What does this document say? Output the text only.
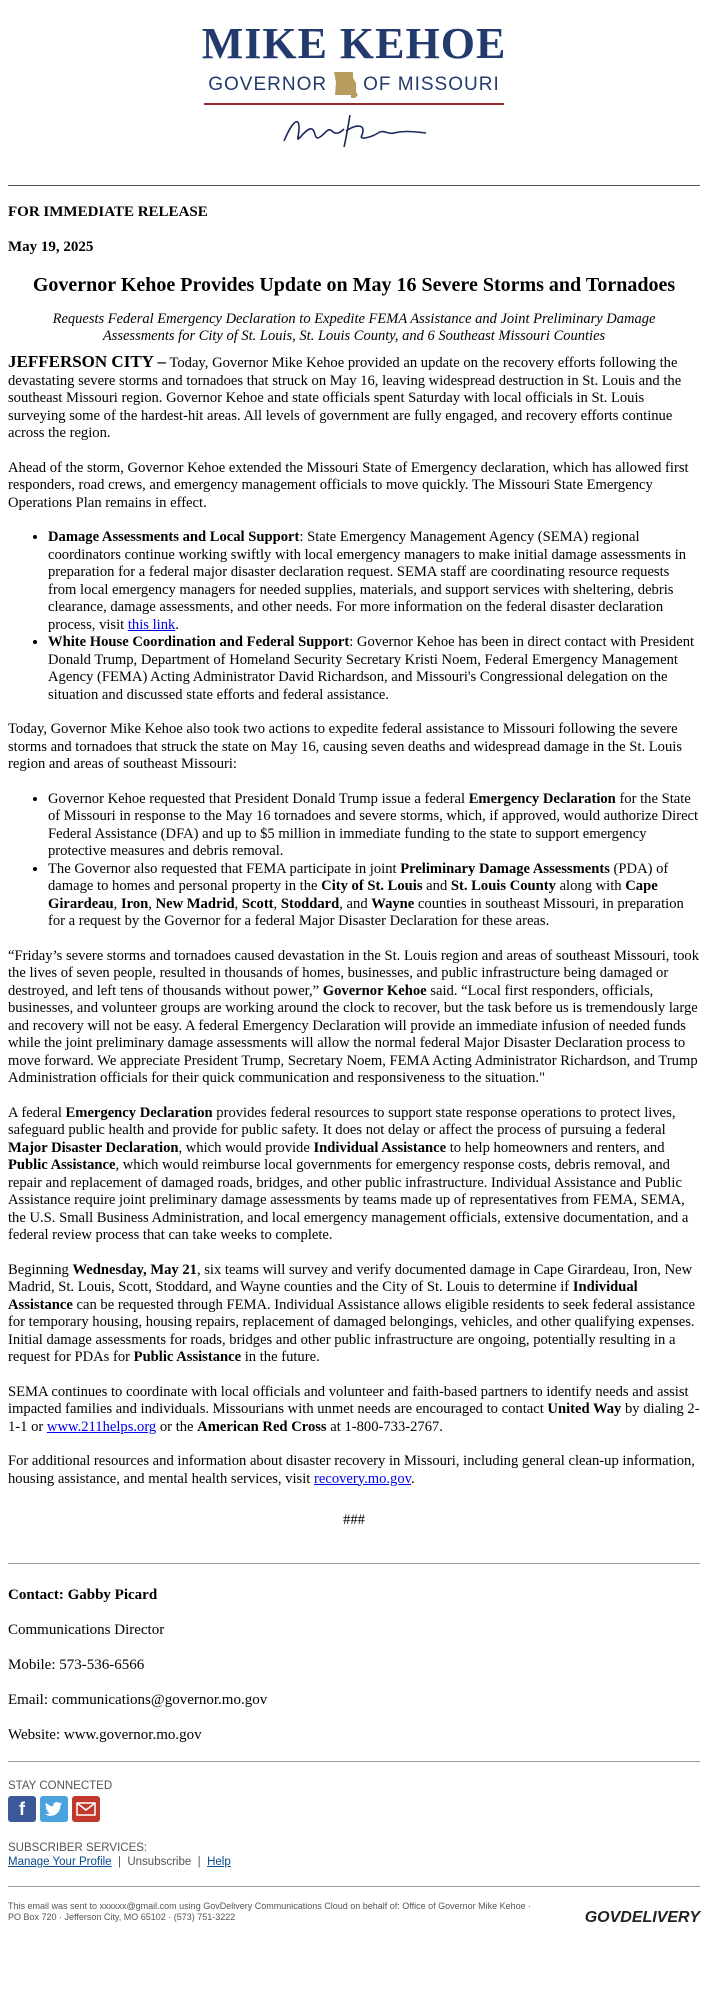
MIKE KEHOE
GOVERNOR OF MISSOURI
FOR IMMEDIATE RELEASE
May 19, 2025
Governor Kehoe Provides Update on May 16 Severe Storms and Tornadoes
Requests Federal Emergency Declaration to Expedite FEMA Assistance and Joint Preliminary Damage Assessments for City of St. Louis, St. Louis County, and 6 Southeast Missouri Counties

JEFFERSON CITY – Today, Governor Mike Kehoe provided an update on the recovery efforts following the devastating severe storms and tornadoes that struck on May 16, leaving widespread destruction in St. Louis and the southeast Missouri region. Governor Kehoe and state officials spent Saturday with local officials in St. Louis surveying some of the hardest-hit areas. All levels of government are fully engaged, and recovery efforts continue across the region.

Ahead of the storm, Governor Kehoe extended the Missouri State of Emergency declaration, which has allowed first responders, road crews, and emergency management officials to move quickly. The Missouri State Emergency Operations Plan remains in effect.

• Damage Assessments and Local Support: State Emergency Management Agency (SEMA) regional coordinators continue working swiftly with local emergency managers to make initial damage assessments in preparation for a federal major disaster declaration request. SEMA staff are coordinating resource requests from local emergency managers for needed supplies, materials, and support services with sheltering, debris clearance, damage assessments, and other needs. For more information on the federal disaster declaration process, visit this link.
• White House Coordination and Federal Support: Governor Kehoe has been in direct contact with President Donald Trump, Department of Homeland Security Secretary Kristi Noem, Federal Emergency Management Agency (FEMA) Acting Administrator David Richardson, and Missouri's Congressional delegation on the situation and discussed state efforts and federal assistance.

Today, Governor Mike Kehoe also took two actions to expedite federal assistance to Missouri following the severe storms and tornadoes that struck the state on May 16, causing seven deaths and widespread damage in the St. Louis region and areas of southeast Missouri:

• Governor Kehoe requested that President Donald Trump issue a federal Emergency Declaration for the State of Missouri in response to the May 16 tornadoes and severe storms, which, if approved, would authorize Direct Federal Assistance (DFA) and up to $5 million in immediate funding to the state to support emergency protective measures and debris removal.
• The Governor also requested that FEMA participate in joint Preliminary Damage Assessments (PDA) of damage to homes and personal property in the City of St. Louis and St. Louis County along with Cape Girardeau, Iron, New Madrid, Scott, Stoddard, and Wayne counties in southeast Missouri, in preparation for a request by the Governor for a federal Major Disaster Declaration for these areas.

“Friday’s severe storms and tornadoes caused devastation in the St. Louis region and areas of southeast Missouri, took the lives of seven people, resulted in thousands of homes, businesses, and public infrastructure being damaged or destroyed, and left tens of thousands without power,” Governor Kehoe said. “Local first responders, officials, businesses, and volunteer groups are working around the clock to recover, but the task before us is tremendously large and recovery will not be easy. A federal Emergency Declaration will provide an immediate infusion of needed funds while the joint preliminary damage assessments will allow the normal federal Major Disaster Declaration process to move forward. We appreciate President Trump, Secretary Noem, FEMA Acting Administrator Richardson, and Trump Administration officials for their quick communication and responsiveness to the situation."

A federal Emergency Declaration provides federal resources to support state response operations to protect lives, safeguard public health and provide for public safety. It does not delay or affect the process of pursuing a federal Major Disaster Declaration, which would provide Individual Assistance to help homeowners and renters, and Public Assistance, which would reimburse local governments for emergency response costs, debris removal, and repair and replacement of damaged roads, bridges, and other public infrastructure. Individual Assistance and Public Assistance require joint preliminary damage assessments by teams made up of representatives from FEMA, SEMA, the U.S. Small Business Administration, and local emergency management officials, extensive documentation, and a federal review process that can take weeks to complete.

Beginning Wednesday, May 21, six teams will survey and verify documented damage in Cape Girardeau, Iron, New Madrid, St. Louis, Scott, Stoddard, and Wayne counties and the City of St. Louis to determine if Individual Assistance can be requested through FEMA. Individual Assistance allows eligible residents to seek federal assistance for temporary housing, housing repairs, replacement of damaged belongings, vehicles, and other qualifying expenses. Initial damage assessments for roads, bridges and other public infrastructure are ongoing, potentially resulting in a request for PDAs for Public Assistance in the future.

SEMA continues to coordinate with local officials and volunteer and faith-based partners to identify needs and assist impacted families and individuals. Missourians with unmet needs are encouraged to contact United Way by dialing 2-1-1 or www.211helps.org or the American Red Cross at 1-800-733-2767.

For additional resources and information about disaster recovery in Missouri, including general clean-up information, housing assistance, and mental health services, visit recovery.mo.gov.

###
Contact: Gabby Picard
Communications Director
Mobile: 573-536-6566
Email: communications@governor.mo.gov
Website: www.governor.mo.gov
STAY CONNECTED
f
SUBSCRIBER SERVICES:
Manage Your Profile | Unsubscribe | Help
This email was sent to xxxxxx@gmail.com using GovDelivery Communications Cloud on behalf of: Office of Governor Mike Kehoe ·
PO Box 720 · Jefferson City, MO 65102 · (573) 751-3222	GOVDELIVERY
